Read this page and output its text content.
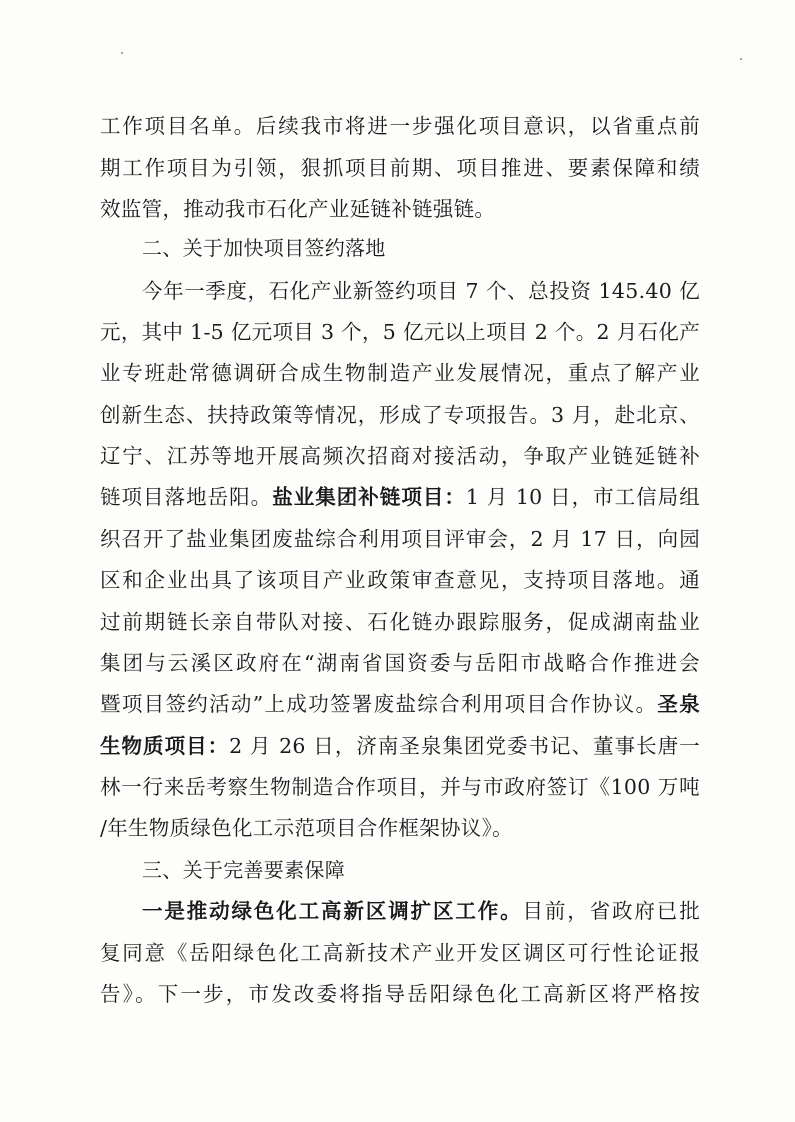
工作项目名单。后续我市将进一步强化项目意识，以省重点前
期工作项目为引领，狠抓项目前期、项目推进、要素保障和绩
效监管，推动我市石化产业延链补链强链。
二、关于加快项目签约落地
今年一季度，石化产业新签约项目 7 个、总投资 145.40 亿
元，其中 1-5 亿元项目 3 个，5 亿元以上项目 2 个。2 月石化产
业专班赴常德调研合成生物制造产业发展情况，重点了解产业
创新生态、扶持政策等情况，形成了专项报告。3 月，赴北京、
辽宁、江苏等地开展高频次招商对接活动，争取产业链延链补
链项目落地岳阳。盐业集团补链项目：1 月 10 日，市工信局组
织召开了盐业集团废盐综合利用项目评审会，2 月 17 日，向园
区和企业出具了该项目产业政策审查意见，支持项目落地。通
过前期链长亲自带队对接、石化链办跟踪服务，促成湖南盐业
集团与云溪区政府在“湖南省国资委与岳阳市战略合作推进会
暨项目签约活动”上成功签署废盐综合利用项目合作协议。圣泉
生物质项目：2 月 26 日，济南圣泉集团党委书记、董事长唐一
林一行来岳考察生物制造合作项目，并与市政府签订《100 万吨
/年生物质绿色化工示范项目合作框架协议》。
三、关于完善要素保障
一是推动绿色化工高新区调扩区工作。目前，省政府已批
复同意《岳阳绿色化工高新技术产业开发区调区可行性论证报
告》。下一步，市发改委将指导岳阳绿色化工高新区将严格按
